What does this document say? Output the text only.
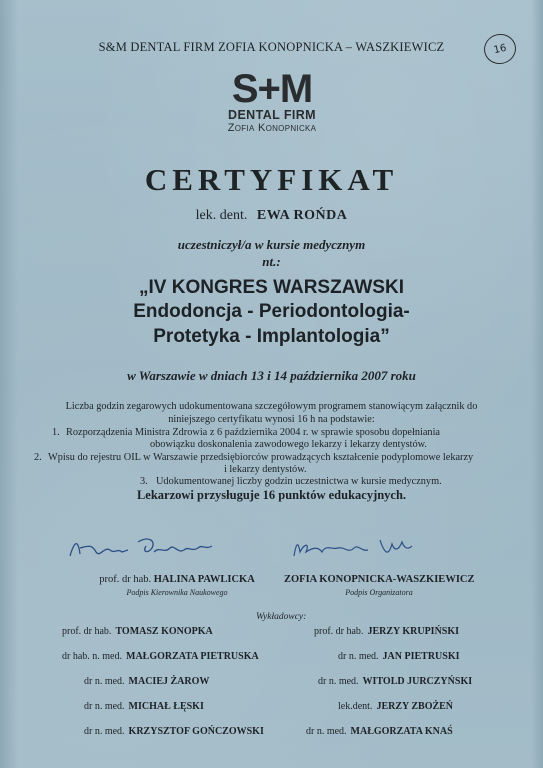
S&M DENTAL FIRM ZOFIA KONOPNICKA – WASZKIEWICZ	16
S+M
DENTAL FIRM
Zofia Konopnicka
CERTYFIKAT
lek. dent. EWA ROŃDA
uczestniczył/a w kursie medycznym
nt.:
„IV KONGRES WARSZAWSKI
Endodoncja - Periodontologia-
Protetyka - Implantologia”
w Warszawie w dniach 13 i 14 października 2007 roku
Liczba godzin zegarowych udokumentowana szczegółowym programem stanowiącym załącznik do
niniejszego certyfikatu wynosi 16 h na podstawie:
1. Rozporządzenia Ministra Zdrowia z 6 października 2004 r. w sprawie sposobu dopełniania
obowiązku doskonalenia zawodowego lekarzy i lekarzy dentystów.
2. Wpisu do rejestru OIL w Warszawie przedsiębiorców prowadzących kształcenie podyplomowe lekarzy
i lekarzy dentystów.
3. Udokumentowanej liczby godzin uczestnictwa w kursie medycznym.
Lekarzowi przysługuje 16 punktów edukacyjnych.
prof. dr hab. HALINA PAWLICKA
Podpis Kierownika Naukowego
ZOFIA KONOPNICKA-WASZKIEWICZ
Podpis Organizatora
Wykładowcy:
prof. dr hab. TOMASZ KONOPKA
dr hab. n. med. MAŁGORZATA PIETRUSKA
dr n. med. MACIEJ ŻAROW
dr n. med. MICHAŁ ŁĘSKI
dr n. med. KRZYSZTOF GOŃCZOWSKI
prof. dr hab. JERZY KRUPIŃSKI
dr n. med. JAN PIETRUSKI
dr n. med. WITOLD JURCZYŃSKI
lek.dent. JERZY ZBOŻEŃ
dr n. med. MAŁGORZATA KNAŚ
